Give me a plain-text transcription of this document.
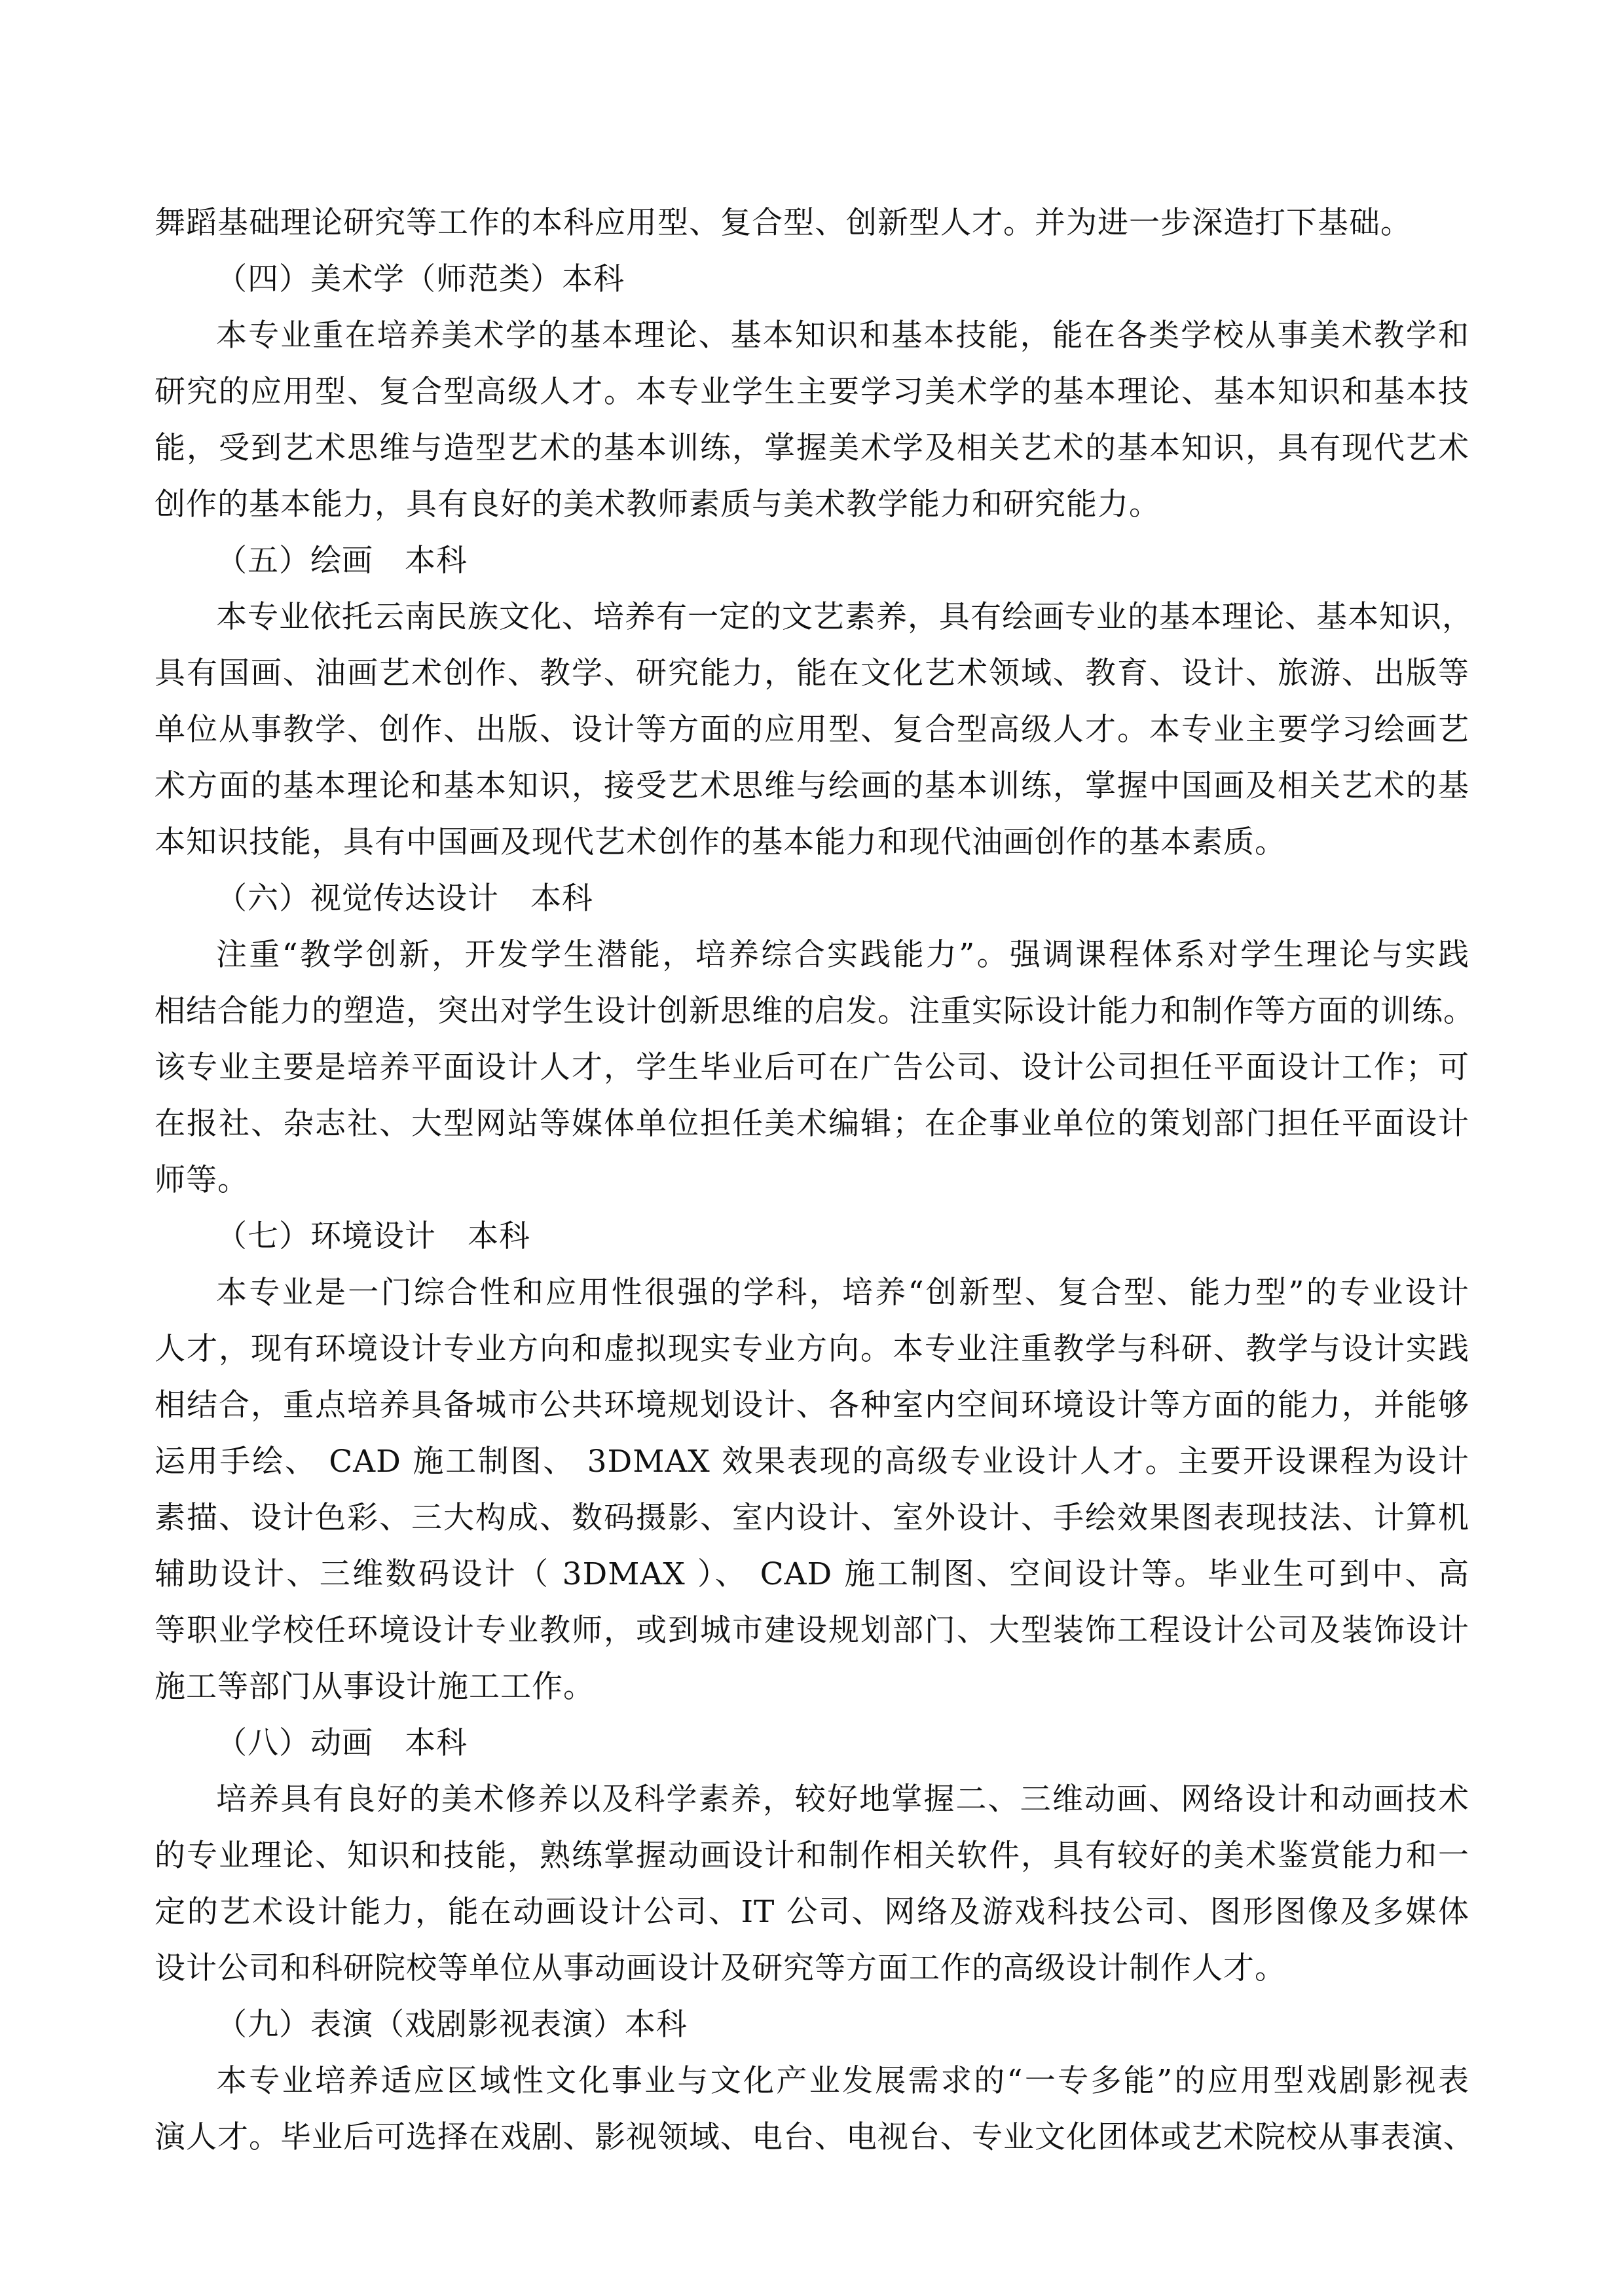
舞蹈基础理论研究等工作的本科应用型、复合型、创新型人才。并为进一步深造打下基础。
（四）美术学（师范类）本科
本专业重在培养美术学的基本理论、基本知识和基本技能，能在各类学校从事美术教学和
研究的应用型、复合型高级人才。本专业学生主要学习美术学的基本理论、基本知识和基本技
能，受到艺术思维与造型艺术的基本训练，掌握美术学及相关艺术的基本知识，具有现代艺术
创作的基本能力，具有良好的美术教师素质与美术教学能力和研究能力。
（五）绘画　本科
本专业依托云南民族文化、培养有一定的文艺素养，具有绘画专业的基本理论、基本知识，
具有国画、油画艺术创作、教学、研究能力，能在文化艺术领域、教育、设计、旅游、出版等
单位从事教学、创作、出版、设计等方面的应用型、复合型高级人才。本专业主要学习绘画艺
术方面的基本理论和基本知识，接受艺术思维与绘画的基本训练，掌握中国画及相关艺术的基
本知识技能，具有中国画及现代艺术创作的基本能力和现代油画创作的基本素质。
（六）视觉传达设计　本科
注重“教学创新，开发学生潜能，培养综合实践能力”。强调课程体系对学生理论与实践
相结合能力的塑造，突出对学生设计创新思维的启发。注重实际设计能力和制作等方面的训练。
该专业主要是培养平面设计人才，学生毕业后可在广告公司、设计公司担任平面设计工作；可
在报社、杂志社、大型网站等媒体单位担任美术编辑；在企事业单位的策划部门担任平面设计
师等。
（七）环境设计　本科
本专业是一门综合性和应用性很强的学科，培养“创新型、复合型、能力型”的专业设计
人才，现有环境设计专业方向和虚拟现实专业方向。本专业注重教学与科研、教学与设计实践
相结合，重点培养具备城市公共环境规划设计、各种室内空间环境设计等方面的能力，并能够
运用手绘、 CAD 施工制图、 3DMAX 效果表现的高级专业设计人才。主要开设课程为设计
素描、设计色彩、三大构成、数码摄影、室内设计、室外设计、手绘效果图表现技法、计算机
辅助设计、三维数码设计（ 3DMAX ）、 CAD 施工制图、空间设计等。毕业生可到中、高
等职业学校任环境设计专业教师，或到城市建设规划部门、大型装饰工程设计公司及装饰设计
施工等部门从事设计施工工作。
（八）动画　本科
培养具有良好的美术修养以及科学素养，较好地掌握二、三维动画、网络设计和动画技术
的专业理论、知识和技能，熟练掌握动画设计和制作相关软件，具有较好的美术鉴赏能力和一
定的艺术设计能力，能在动画设计公司、IT 公司、网络及游戏科技公司、图形图像及多媒体
设计公司和科研院校等单位从事动画设计及研究等方面工作的高级设计制作人才。
（九）表演（戏剧影视表演）本科
本专业培养适应区域性文化事业与文化产业发展需求的“一专多能”的应用型戏剧影视表
演人才。毕业后可选择在戏剧、影视领域、电台、电视台、专业文化团体或艺术院校从事表演、
